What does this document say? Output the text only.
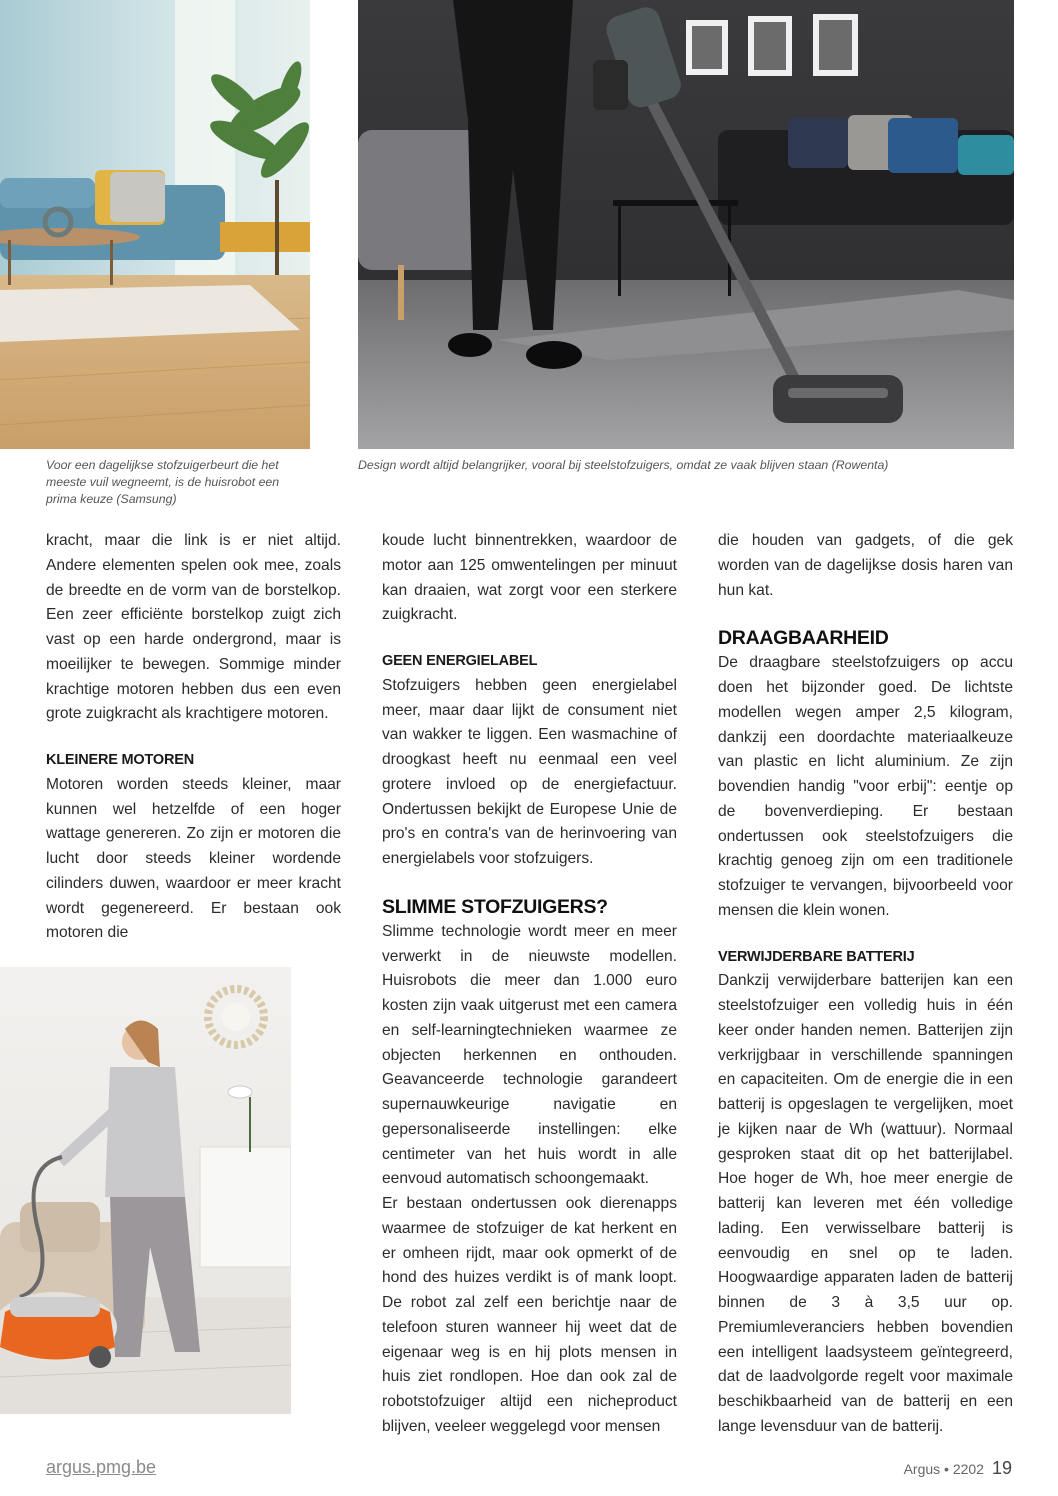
Voor een dagelijkse stofzuigerbeurt die het meeste vuil wegneemt, is de huisrobot een prima keuze (Samsung)
Design wordt altijd belangrijker, vooral bij steelstofzuigers, omdat ze vaak blijven staan (Rowenta)

kracht, maar die link is er niet altijd. Andere elementen spelen ook mee, zoals de breedte en de vorm van de borstelkop. Een zeer efficiënte borstelkop zuigt zich vast op een harde ondergrond, maar is moeilijker te bewegen. Sommige minder krachtige motoren hebben dus een even grote zuigkracht als krachtigere motoren.

KLEINERE MOTOREN

Motoren worden steeds kleiner, maar kunnen wel hetzelfde of een hoger wattage genereren. Zo zijn er motoren die lucht door steeds kleiner wordende cilinders duwen, waardoor er meer kracht wordt gegenereerd. Er bestaan ook motoren die

koude lucht binnentrekken, waardoor de motor aan 125 omwentelingen per minuut kan draaien, wat zorgt voor een sterkere zuigkracht.

GEEN ENERGIELABEL

Stofzuigers hebben geen energielabel meer, maar daar lijkt de consument niet van wakker te liggen. Een wasmachine of droogkast heeft nu eenmaal een veel grotere invloed op de energiefactuur. Ondertussen bekijkt de Europese Unie de pro's en contra's van de herinvoering van energielabels voor stofzuigers.

SLIMME STOFZUIGERS?

Slimme technologie wordt meer en meer verwerkt in de nieuwste modellen. Huisrobots die meer dan 1.000 euro kosten zijn vaak uitgerust met een camera en self-learningtechnieken waarmee ze objecten herkennen en onthouden. Geavanceerde technologie garandeert supernauwkeurige navigatie en gepersonaliseerde instellingen: elke centimeter van het huis wordt in alle eenvoud automatisch schoongemaakt.

Er bestaan ondertussen ook dierenapps waarmee de stofzuiger de kat herkent en er omheen rijdt, maar ook opmerkt of de hond des huizes verdikt is of mank loopt. De robot zal zelf een berichtje naar de telefoon sturen wanneer hij weet dat de eigenaar weg is en hij plots mensen in huis ziet rondlopen. Hoe dan ook zal de robotstofzuiger altijd een nicheproduct blijven, veeleer weggelegd voor mensen

die houden van gadgets, of die gek worden van de dagelijkse dosis haren van hun kat.

DRAAGBAARHEID

De draagbare steelstofzuigers op accu doen het bijzonder goed. De lichtste modellen wegen amper 2,5 kilogram, dankzij een doordachte materiaalkeuze van plastic en licht aluminium. Ze zijn bovendien handig "voor erbij": eentje op de bovenverdieping. Er bestaan ondertussen ook steelstofzuigers die krachtig genoeg zijn om een traditionele stofzuiger te vervangen, bijvoorbeeld voor mensen die klein wonen.

VERWIJDERBARE BATTERIJ

Dankzij verwijderbare batterijen kan een steelstofzuiger een volledig huis in één keer onder handen nemen. Batterijen zijn verkrijgbaar in verschillende spanningen en capaciteiten. Om de energie die in een batterij is opgeslagen te vergelijken, moet je kijken naar de Wh (wattuur). Normaal gesproken staat dit op het batterijlabel. Hoe hoger de Wh, hoe meer energie de batterij kan leveren met één volledige lading. Een verwisselbare batterij is eenvoudig en snel op te laden. Hoogwaardige apparaten laden de batterij binnen de 3 à 3,5 uur op. Premiumleveranciers hebben bovendien een intelligent laadsysteem geïntegreerd, dat de laadvolgorde regelt voor maximale beschikbaarheid van de batterij en een lange levensduur van de batterij.

argus.pmg.be	Argus • 2202 19
